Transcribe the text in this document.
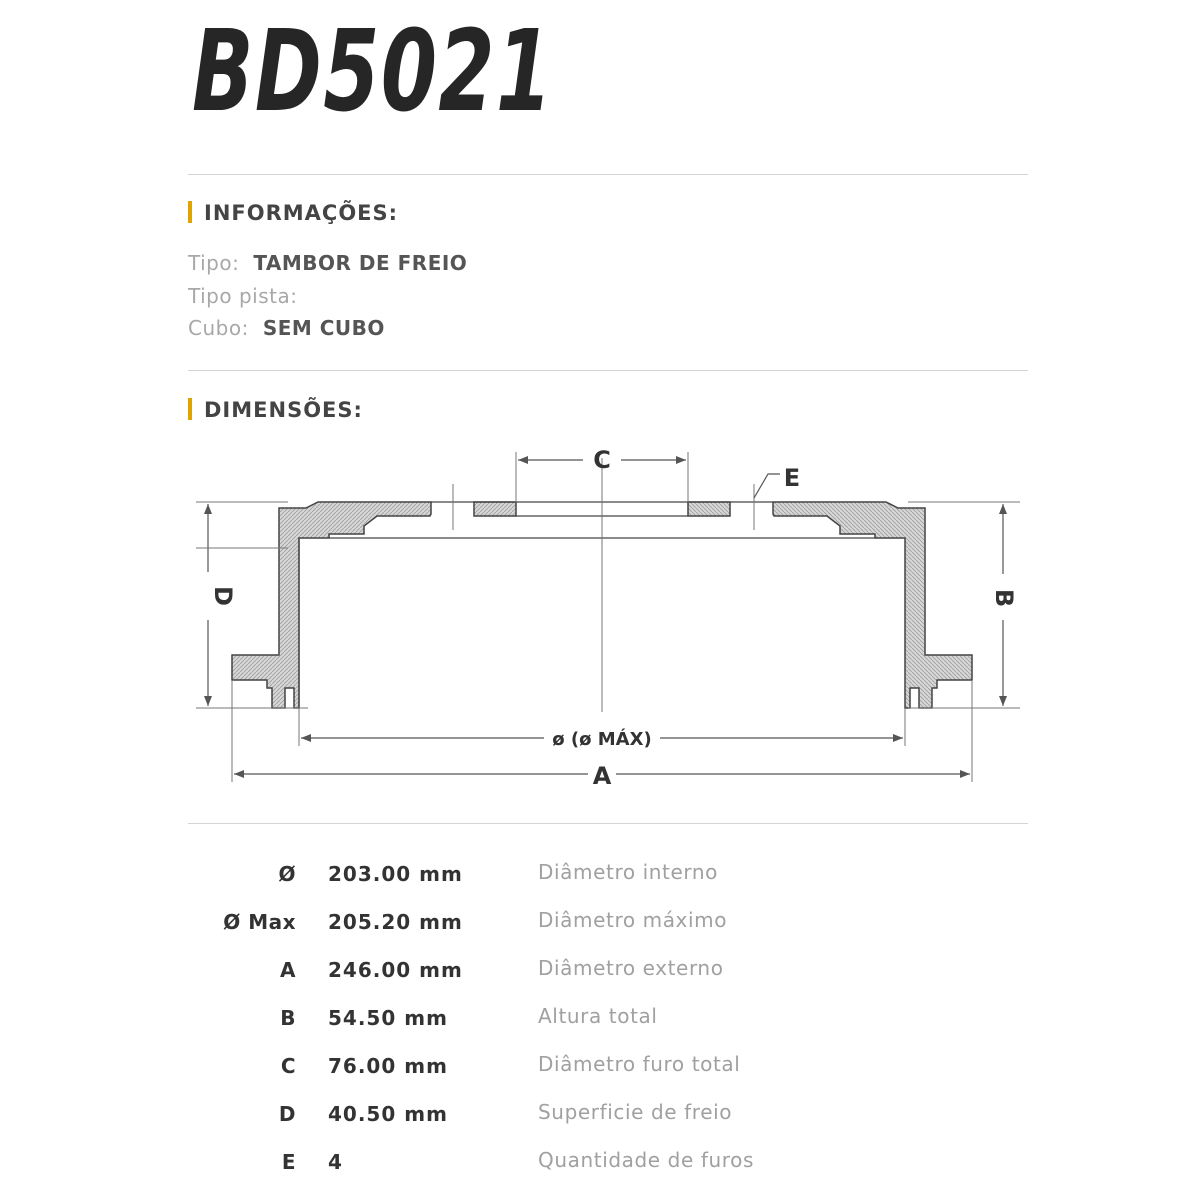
BD5021
INFORMAÇÕES:
Tipo: TAMBOR DE FREIO
Tipo pista:
Cubo: SEM CUBO
DIMENSÕES:
C
E
D	B
ø (ø MÁX)
A
Ø 203.00 mm	Diâmetro interno
Ø Max 205.20 mm	Diâmetro máximo
A 246.00 mm	Diâmetro externo
B 54.50 mm	Altura total
C 76.00 mm	Diâmetro furo total
D 40.50 mm	Superficie de freio
E 4	Quantidade de furos
